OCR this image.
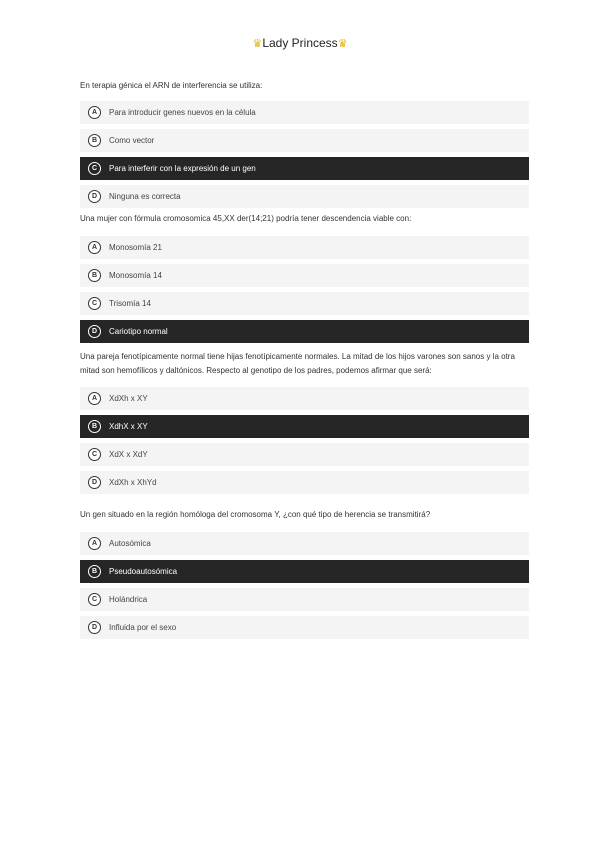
♛Lady Princess♛
En terapia génica el ARN de interferencia se utiliza:
A	Para introducir genes nuevos en la célula
B	Como vector
C	Para interferir con la expresión de un gen
D	Ninguna es correcta
Una mujer con fórmula cromosomica 45,XX der(14;21) podría tener descendencia viable con:
A	Monosomía 21
B	Monosomía 14
C	Trisomía 14
D	Cariotipo normal
Una pareja fenotípicamente normal tiene hijas fenotípicamente normales. La mitad de los hijos varones son sanos y la otra mitad son hemofílicos y daltónicos. Respecto al genotipo de los padres, podemos afirmar que será:
A	XdXh x XY
B	XdhX x XY
C	XdX x XdY
D	XdXh x XhYd
Un gen situado en la región homóloga del cromosoma Y, ¿con qué tipo de herencia se transmitirá?
A	Autosómica
B	Pseudoautosómica
C	Holándrica
D	Influida por el sexo
